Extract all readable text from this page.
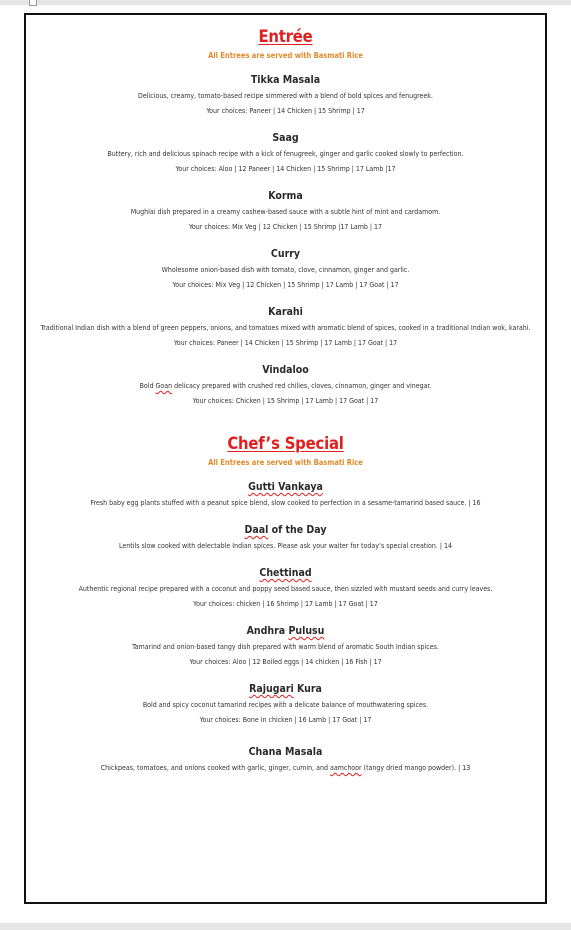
Entrée
All Entrees are served with Basmati Rice
Tikka Masala
Delicious, creamy, tomato-based recipe simmered with a blend of bold spices and fenugreek.
Your choices: Paneer | 14 Chicken | 15 Shrimp | 17
Saag
Buttery, rich and delicious spinach recipe with a kick of fenugreek, ginger and garlic cooked slowly to perfection.
Your choices: Aloo | 12 Paneer | 14 Chicken | 15 Shrimp | 17 Lamb |17
Korma
Mughlai dish prepared in a creamy cashew-based sauce with a subtle hint of mint and cardamom.
Your choices: Mix Veg | 12 Chicken | 15 Shrimp |17 Lamb | 17
Curry
Wholesome onion-based dish with tomato, clove, cinnamon, ginger and garlic.
Your choices: Mix Veg | 12 Chicken | 15 Shrimp | 17 Lamb | 17 Goat | 17
Karahi
Traditional Indian dish with a blend of green peppers, onions, and tomatoes mixed with aromatic blend of spices, cooked in a traditional Indian wok, karahi.
Your choices: Paneer | 14 Chicken | 15 Shrimp | 17 Lamb | 17 Goat | 17
Vindaloo
Bold Goan delicacy prepared with crushed red chilies, cloves, cinnamon, ginger and vinegar.
Your choices: Chicken | 15 Shrimp | 17 Lamb | 17 Goat | 17
Chef’s Special
All Entrees are served with Basmati Rice
Gutti Vankaya
Fresh baby egg plants stuffed with a peanut spice blend, slow cooked to perfection in a sesame-tamarind based sauce. | 16
Daal of the Day
Lentils slow cooked with delectable Indian spices. Please ask your waiter for today’s special creation. | 14
Chettinad
Authentic regional recipe prepared with a coconut and poppy seed based sauce, then sizzled with mustard seeds and curry leaves.
Your choices: chicken | 16 Shrimp | 17 Lamb | 17 Goat | 17
Andhra Pulusu
Tamarind and onion-based tangy dish prepared with warm blend of aromatic South Indian spices.
Your choices: Aloo | 12 Boiled eggs | 14 chicken | 16 Fish | 17
Rajugari Kura
Bold and spicy coconut tamarind recipes with a delicate balance of mouthwatering spices.
Your choices: Bone in chicken | 16 Lamb | 17 Goat | 17
Chana Masala
Chickpeas, tomatoes, and onions cooked with garlic, ginger, cumin, and aamchoor (tangy dried mango powder). | 13
